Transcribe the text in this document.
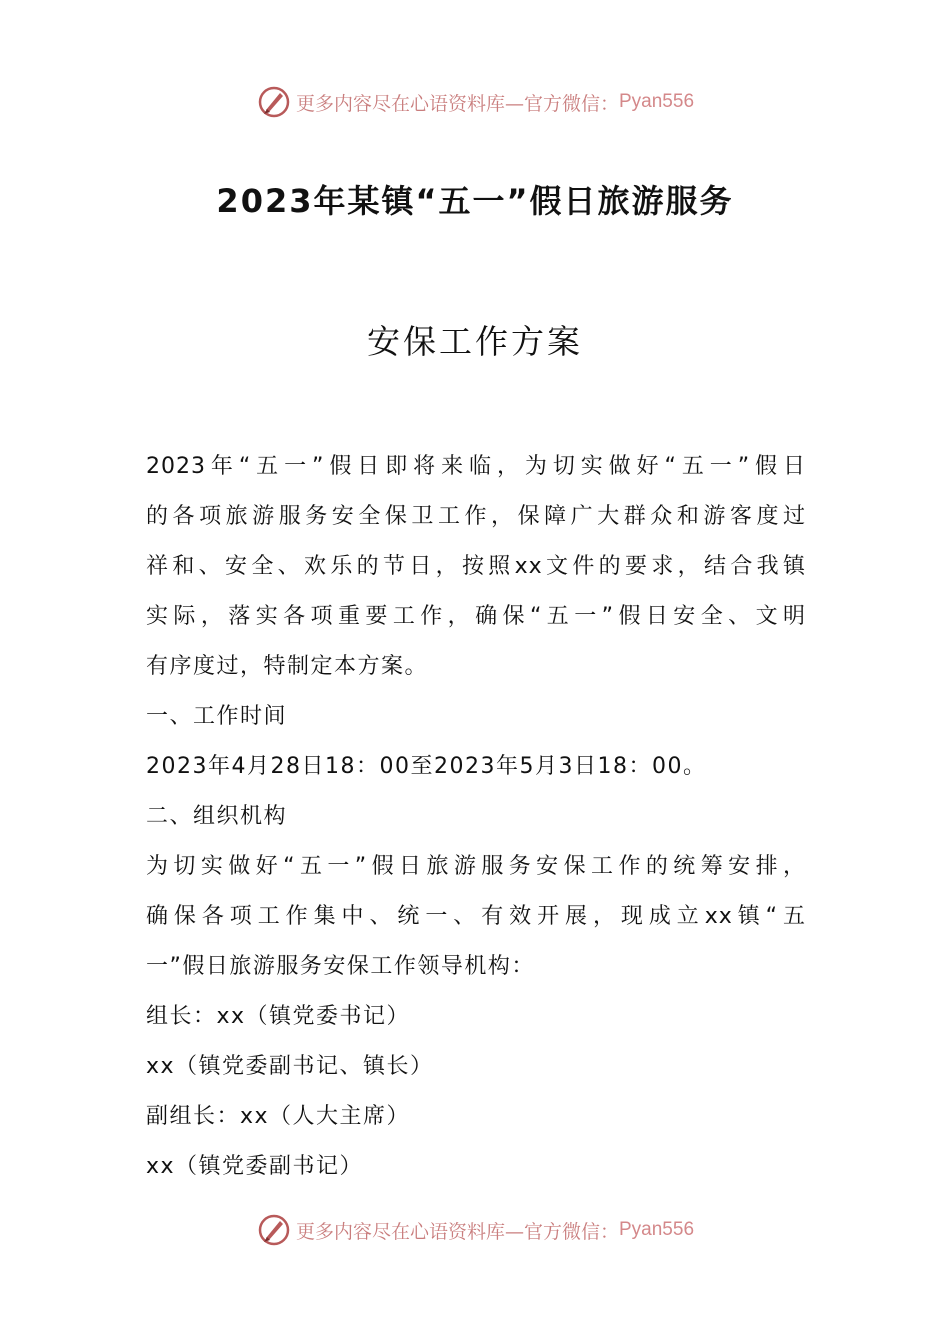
更多内容尽在心语资料库—官方微信： Pyan556
2023年某镇“五一”假日旅游服务
安保工作方案
2023年“五一”假日即将来临，为切实做好“五一”假日
的各项旅游服务安全保卫工作，保障广大群众和游客度过
祥和、安全、欢乐的节日，按照xx文件的要求，结合我镇
实际，落实各项重要工作，确保“五一”假日安全、文明
有序度过，特制定本方案。
一、工作时间
2023年4月28日18：00至2023年5月3日18：00。
二、组织机构
为切实做好“五一”假日旅游服务安保工作的统筹安排，
确保各项工作集中、统一、有效开展，现成立xx镇“五
一”假日旅游服务安保工作领导机构：
组长：xx（镇党委书记）
xx（镇党委副书记、镇长）
副组长：xx（人大主席）
xx（镇党委副书记）
更多内容尽在心语资料库—官方微信： Pyan556
